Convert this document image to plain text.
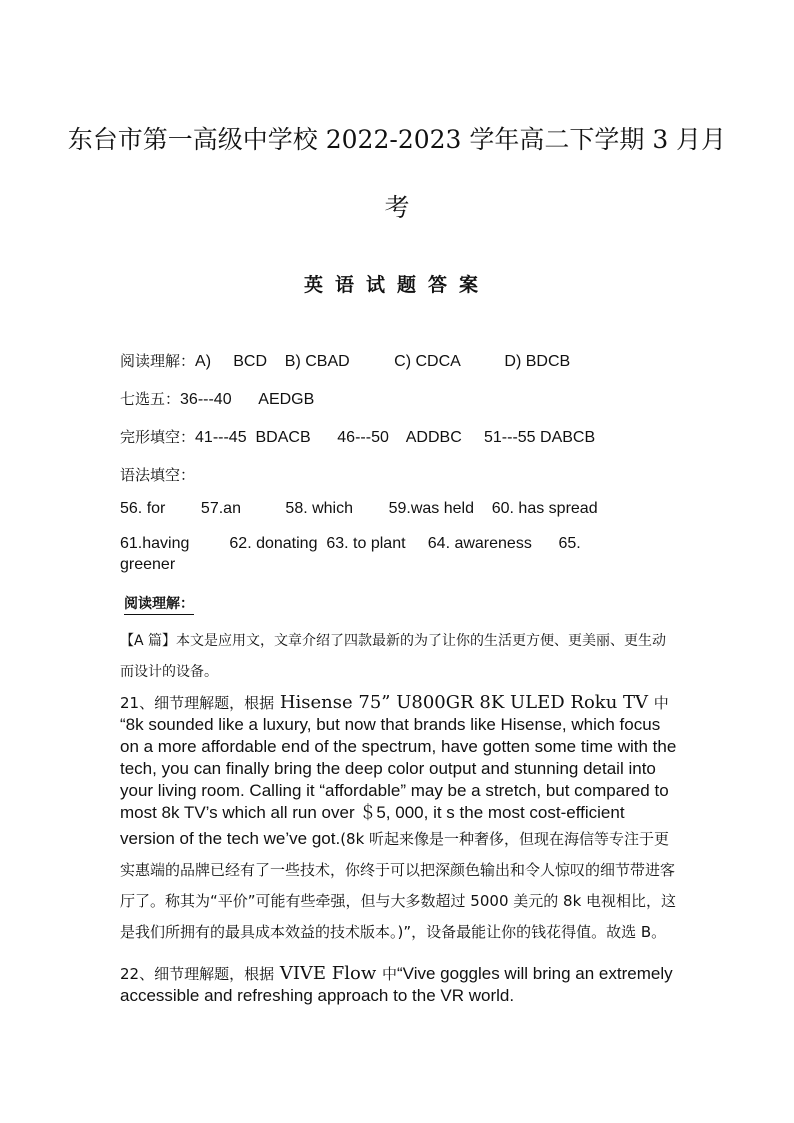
东台市第一高级中学校 2022-2023 学年高二下学期 3 月月
考
英语试题答案
阅读理解：A)     BCD    B) CBAD          C) CDCA          D) BDCB
七选五：36---40      AEDGB
完形填空：41---45  BDACB      46---50    ADDBC     51---55 DABCB
语法填空：
56. for        57.an          58. which        59.was held    60. has spread
61.having         62. donating  63. to plant     64. awareness      65.
greener
阅读理解：
【A 篇】本文是应用文，文章介绍了四款最新的为了让你的生活更方便、更美丽、更生动而设计的设备。
21、细节理解题，根据 Hisense 75” U800GR 8K ULED Roku TV 中
“8k sounded like a luxury, but now that brands like Hisense, which focus on a more affordable end of the spectrum, have gotten some time with the tech, you can finally bring the deep color output and stunning detail into your living room. Calling it “affordable” may be a stretch, but compared to most 8k TV’s which all run over ＄5, 000, it s the most cost-efficient version of the tech we’ve got.(8k 听起来像是一种奢侈，但现在海信等专注于更实惠端的品牌已经有了一些技术，你终于可以把深颜色输出和令人惊叹的细节带进客厅了。称其为“平价”可能有些牵强，但与大多数超过 5000 美元的 8k 电视相比，这是我们所拥有的最具成本效益的技术版本。)”，设备最能让你的钱花得值。故选 B。
22、细节理解题，根据 VIVE Flow 中“Vive goggles will bring an extremely accessible and refreshing approach to the VR world.
